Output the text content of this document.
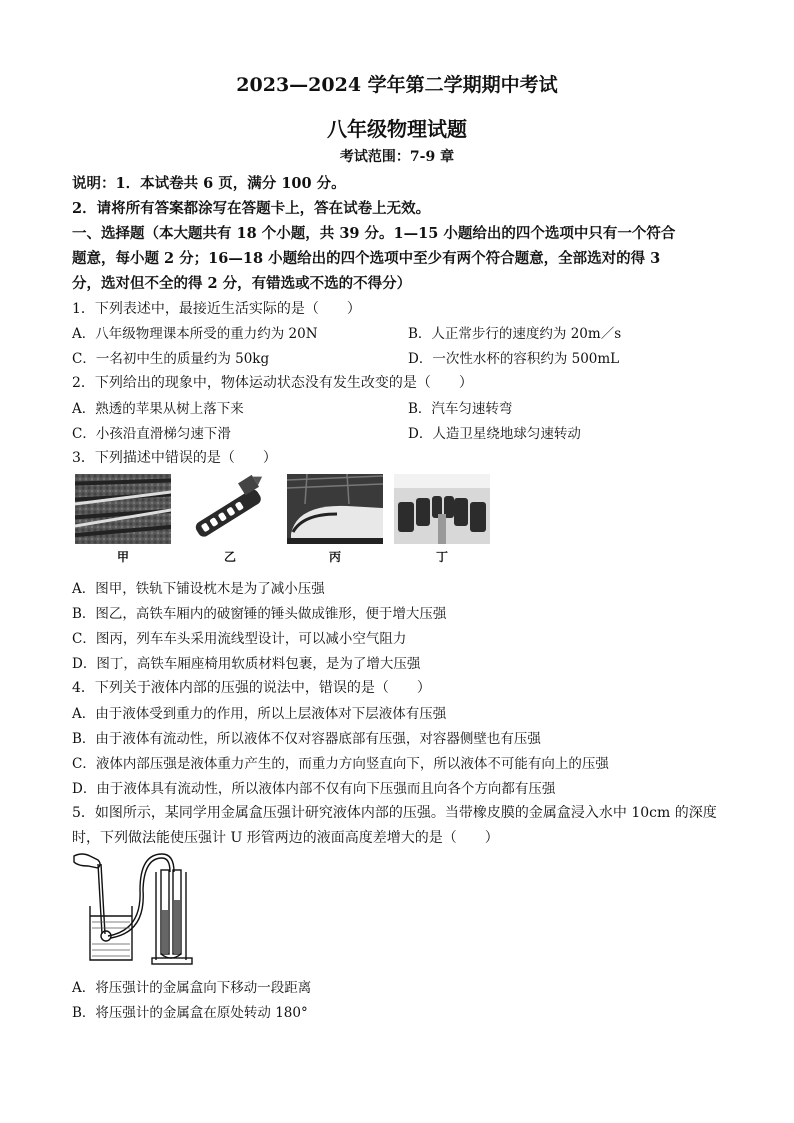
2023—2024 学年第二学期期中考试
八年级物理试题
考试范围：7-9 章
说明：1．本试卷共 6 页，满分 100 分。
2．请将所有答案都涂写在答题卡上，答在试卷上无效。
一、选择题（本大题共有 18 个小题，共 39 分。1—15 小题给出的四个选项中只有一个符合
题意，每小题 2 分；16—18 小题给出的四个选项中至少有两个符合题意，全部选对的得 3
分，选对但不全的得 2 分，有错选或不选的不得分）
1．下列表述中，最接近生活实际的是（　　）
A．八年级物理课本所受的重力约为 20N	B．人正常步行的速度约为 20m／s
C．一名初中生的质量约为 50kg	D．一次性水杯的容积约为 500mL
2．下列给出的现象中，物体运动状态没有发生改变的是（　　）
A．熟透的苹果从树上落下来	B．汽车匀速转弯
C．小孩沿直滑梯匀速下滑	D．人造卫星绕地球匀速转动
3．下列描述中错误的是（　　）
甲	乙	丙	丁
A．图甲，铁轨下铺设枕木是为了减小压强
B．图乙，高铁车厢内的破窗锤的锤头做成锥形，便于增大压强
C．图丙，列车车头采用流线型设计，可以减小空气阻力
D．图丁，高铁车厢座椅用软质材料包裹，是为了增大压强
4．下列关于液体内部的压强的说法中，错误的是（　　）
A．由于液体受到重力的作用，所以上层液体对下层液体有压强
B．由于液体有流动性，所以液体不仅对容器底部有压强，对容器侧壁也有压强
C．液体内部压强是液体重力产生的，而重力方向竖直向下，所以液体不可能有向上的压强
D．由于液体具有流动性，所以液体内部不仅有向下压强而且向各个方向都有压强
5．如图所示，某同学用金属盒压强计研究液体内部的压强。当带橡皮膜的金属盒浸入水中 10cm 的深度
时，下列做法能使压强计 U 形管两边的液面高度差增大的是（　　）
A．将压强计的金属盒向下移动一段距离
B．将压强计的金属盒在原处转动 180°
